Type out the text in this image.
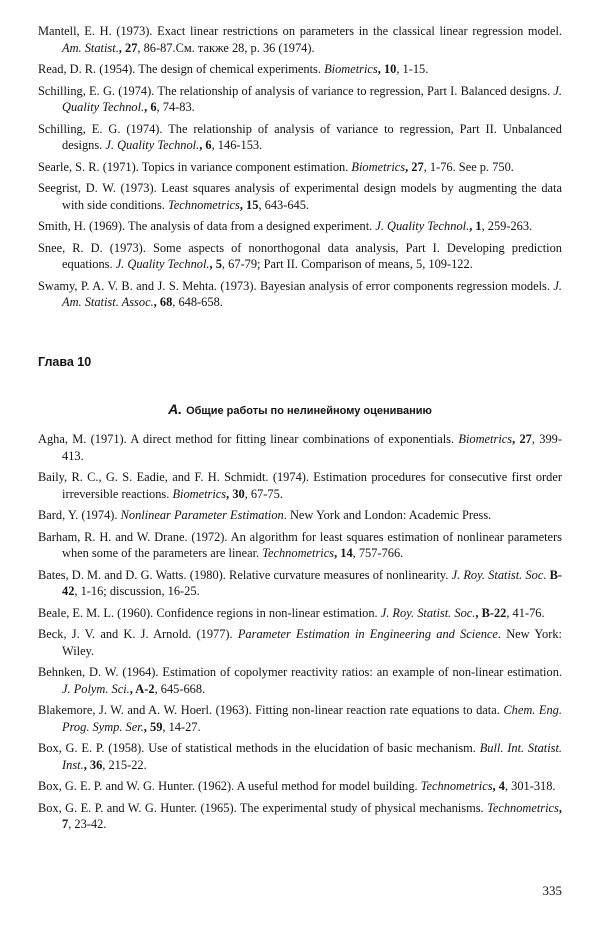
Mantell, E. H. (1973). Exact linear restrictions on parameters in the classical linear regression model. Am. Statist., 27, 86-87.См. также 28, p. 36 (1974).

Read, D. R. (1954). The design of chemical experiments. Biometrics, 10, 1-15.

Schilling, E. G. (1974). The relationship of analysis of variance to regression, Part I. Balanced designs. J. Quality Technol., 6, 74-83.

Schilling, E. G. (1974). The relationship of analysis of variance to regression, Part II. Unbalanced designs. J. Quality Technol., 6, 146-153.

Searle, S. R. (1971). Topics in variance component estimation. Biometrics, 27, 1-76. See p. 750.

Seegrist, D. W. (1973). Least squares analysis of experimental design models by augmenting the data with side conditions. Technometrics, 15, 643-645.

Smith, H. (1969). The analysis of data from a designed experiment. J. Quality Technol., 1, 259-263.

Snee, R. D. (1973). Some aspects of nonorthogonal data analysis, Part I. Developing prediction equations. J. Quality Technol., 5, 67-79; Part II. Comparison of means, 5, 109-122.

Swamy, P. A. V. B. and J. S. Mehta. (1973). Bayesian analysis of error components regression models. J. Am. Statist. Assoc., 68, 648-658.

Глава 10
A. Общие работы по нелинейному оцениванию

Agha, M. (1971). A direct method for fitting linear combinations of exponentials. Biometrics, 27, 399-413.

Baily, R. C., G. S. Eadie, and F. H. Schmidt. (1974). Estimation procedures for consecutive first order irreversible reactions. Biometrics, 30, 67-75.

Bard, Y. (1974). Nonlinear Parameter Estimation. New York and London: Academic Press.

Barham, R. H. and W. Drane. (1972). An algorithm for least squares estimation of nonlinear parameters when some of the parameters are linear. Technometrics, 14, 757-766.

Bates, D. M. and D. G. Watts. (1980). Relative curvature measures of nonlinearity. J. Roy. Statist. Soc. B-42, 1-16; discussion, 16-25.

Beale, E. M. L. (1960). Confidence regions in non-linear estimation. J. Roy. Statist. Soc., B-22, 41-76.

Beck, J. V. and K. J. Arnold. (1977). Parameter Estimation in Engineering and Science. New York: Wiley.

Behnken, D. W. (1964). Estimation of copolymer reactivity ratios: an example of non-linear estimation. J. Polym. Sci., A-2, 645-668.

Blakemore, J. W. and A. W. Hoerl. (1963). Fitting non-linear reaction rate equations to data. Chem. Eng. Prog. Symp. Ser., 59, 14-27.

Box, G. E. P. (1958). Use of statistical methods in the elucidation of basic mechanism. Bull. Int. Statist. Inst., 36, 215-22.

Box, G. E. P. and W. G. Hunter. (1962). A useful method for model building. Technometrics, 4, 301-318.

Box, G. E. P. and W. G. Hunter. (1965). The experimental study of physical mechanisms. Technometrics, 7, 23-42.

335
